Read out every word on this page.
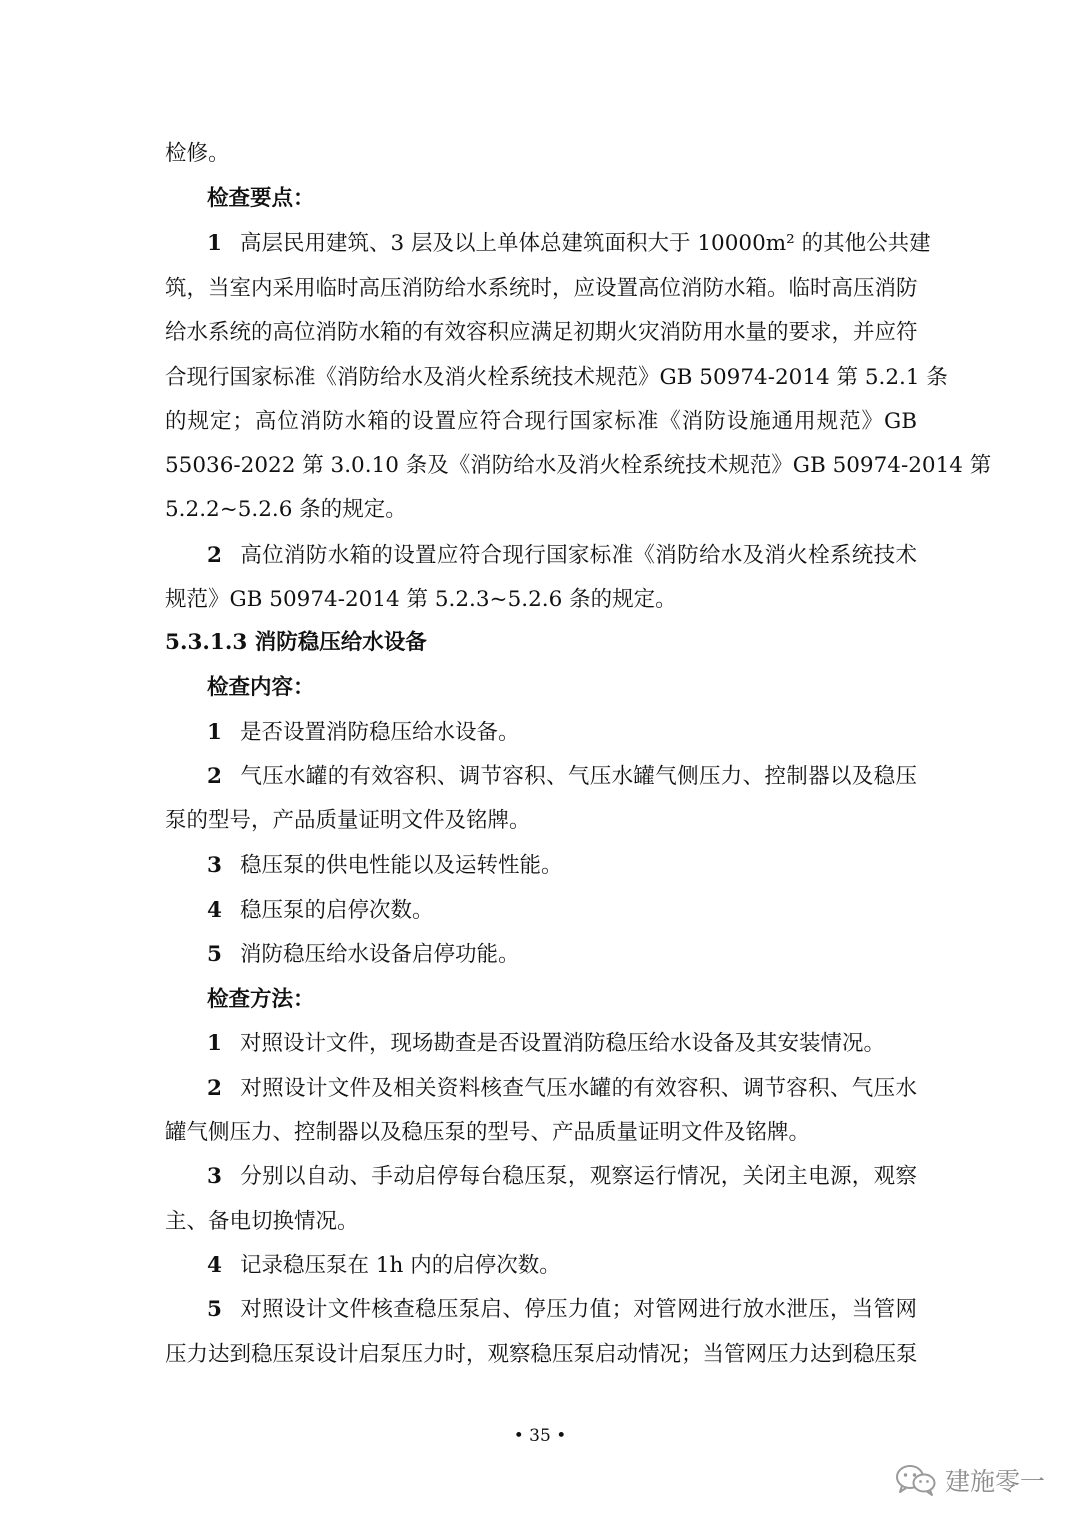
检修。
检查要点：
1 高层民用建筑、3 层及以上单体总建筑面积大于 10000m² 的其他公共建
筑，当室内采用临时高压消防给水系统时，应设置高位消防水箱。临时高压消防
给水系统的高位消防水箱的有效容积应满足初期火灾消防用水量的要求，并应符
合现行国家标准《消防给水及消火栓系统技术规范》GB 50974-2014 第 5.2.1 条
的规定；高位消防水箱的设置应符合现行国家标准《消防设施通用规范》GB
55036-2022 第 3.0.10 条及《消防给水及消火栓系统技术规范》GB 50974-2014 第
5.2.2~5.2.6 条的规定。
2 高位消防水箱的设置应符合现行国家标准《消防给水及消火栓系统技术
规范》GB 50974-2014 第 5.2.3~5.2.6 条的规定。
5.3.1.3 消防稳压给水设备
检查内容：
1 是否设置消防稳压给水设备。
2 气压水罐的有效容积、调节容积、气压水罐气侧压力、控制器以及稳压
泵的型号，产品质量证明文件及铭牌。
3 稳压泵的供电性能以及运转性能。
4 稳压泵的启停次数。
5 消防稳压给水设备启停功能。
检查方法：
1 对照设计文件，现场勘查是否设置消防稳压给水设备及其安装情况。
2 对照设计文件及相关资料核查气压水罐的有效容积、调节容积、气压水
罐气侧压力、控制器以及稳压泵的型号、产品质量证明文件及铭牌。
3 分别以自动、手动启停每台稳压泵，观察运行情况，关闭主电源，观察
主、备电切换情况。
4 记录稳压泵在 1h 内的启停次数。
5 对照设计文件核查稳压泵启、停压力值；对管网进行放水泄压，当管网
压力达到稳压泵设计启泵压力时，观察稳压泵启动情况；当管网压力达到稳压泵
• 35 •
建施零一
